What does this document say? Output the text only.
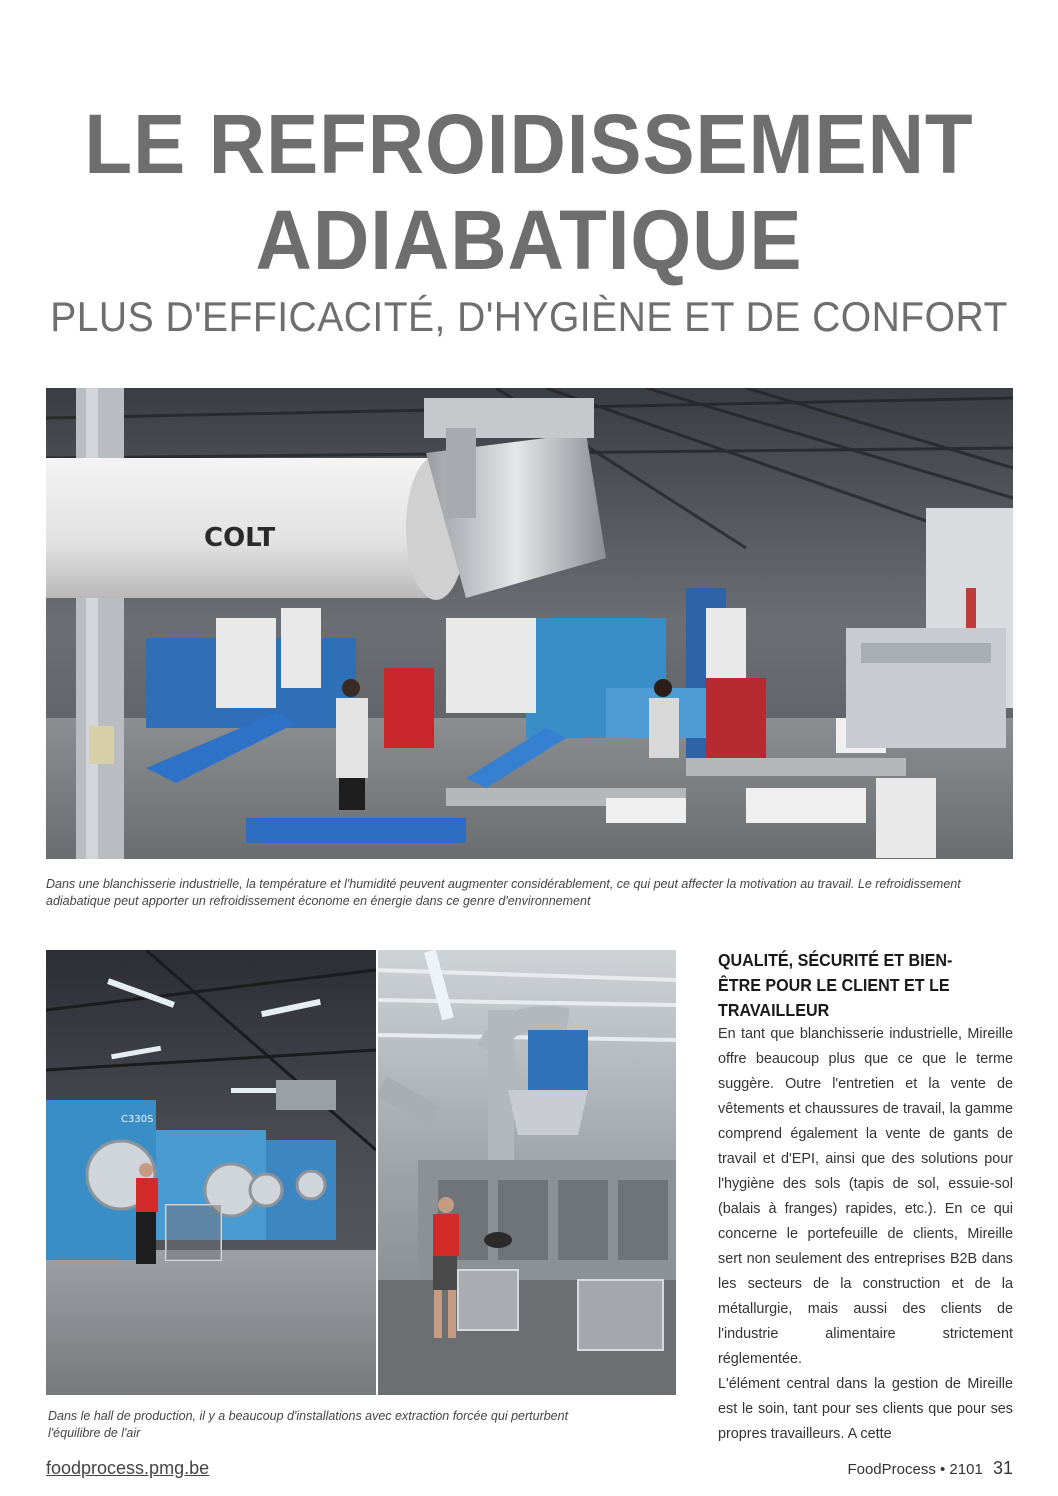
LE REFROIDISSEMENT
ADIABATIQUE
PLUS D'EFFICACITÉ, D'HYGIÈNE ET DE CONFORT
COLT
Dans une blanchisserie industrielle, la température et l'humidité peuvent augmenter considérablement, ce qui peut affecter la motivation au travail. Le refroidissement adiabatique peut apporter un refroidissement économe en énergie dans ce genre d'environnement
C330S
Dans le hall de production, il y a beaucoup d'installations avec extraction forcée qui perturbent l'équilibre de l'air
QUALITÉ, SÉCURITÉ ET BIEN-ÊTRE POUR LE CLIENT ET LE TRAVAILLEUR

En tant que blanchisserie industrielle, Mireille offre beaucoup plus que ce que le terme suggère. Outre l'entretien et la vente de vêtements et chaussures de travail, la gamme comprend également la vente de gants de travail et d'EPI, ainsi que des solutions pour l'hygiène des sols (tapis de sol, essuie-sol (balais à franges) rapides, etc.). En ce qui concerne le portefeuille de clients, Mireille sert non seulement des entreprises B2B dans les secteurs de la construction et de la métallurgie, mais aussi des clients de l'industrie alimentaire strictement réglementée.

L'élément central dans la gestion de Mireille est le soin, tant pour ses clients que pour ses propres travailleurs. A cette

foodprocess.pmg.be	FoodProcess • 2101 31
